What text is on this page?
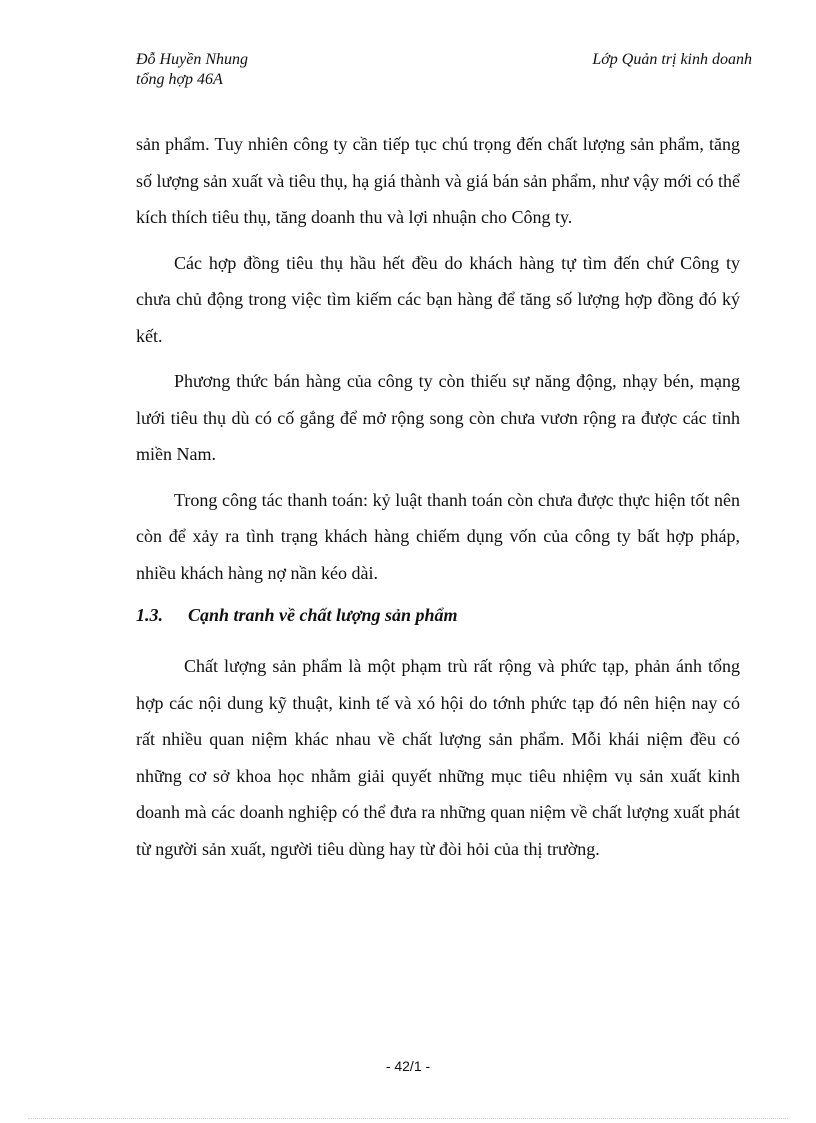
Đỗ Huyền Nhung
tổng hợp 46A
Lớp Quản trị kinh doanh

sản phẩm. Tuy nhiên công ty cần tiếp tục chú trọng đến chất lượng sản phẩm, tăng số lượng sản xuất và tiêu thụ, hạ giá thành và giá bán sản phẩm, như vậy mới có thể kích thích tiêu thụ, tăng doanh thu và lợi nhuận cho Công ty.

Các hợp đồng tiêu thụ hầu hết đều do khách hàng tự tìm đến chứ Công ty chưa chủ động trong việc tìm kiếm các bạn hàng để tăng số lượng hợp đồng đó ký kết.

Phương thức bán hàng của công ty còn thiếu sự năng động, nhạy bén, mạng lưới tiêu thụ dù có cố gắng để mở rộng song còn chưa vươn rộng ra được các tỉnh miền Nam.

Trong công tác thanh toán: kỷ luật thanh toán còn chưa được thực hiện tốt nên còn để xảy ra tình trạng khách hàng chiếm dụng vốn của công ty bất hợp pháp, nhiều khách hàng nợ nần kéo dài.

1.3. Cạnh tranh về chất lượng sản phẩm

Chất lượng sản phẩm là một phạm trù rất rộng và phức tạp, phản ánh tổng hợp các nội dung kỹ thuật, kinh tế và xó hội do tớnh phức tạp đó nên hiện nay có rất nhiều quan niệm khác nhau về chất lượng sản phẩm. Mỗi khái niệm đều có những cơ sở khoa học nhằm giải quyết những mục tiêu nhiệm vụ sản xuất kinh doanh mà các doanh nghiệp có thể đưa ra những quan niệm về chất lượng xuất phát từ người sản xuất, người tiêu dùng hay từ đòi hỏi của thị trường.

- 42/1 -
